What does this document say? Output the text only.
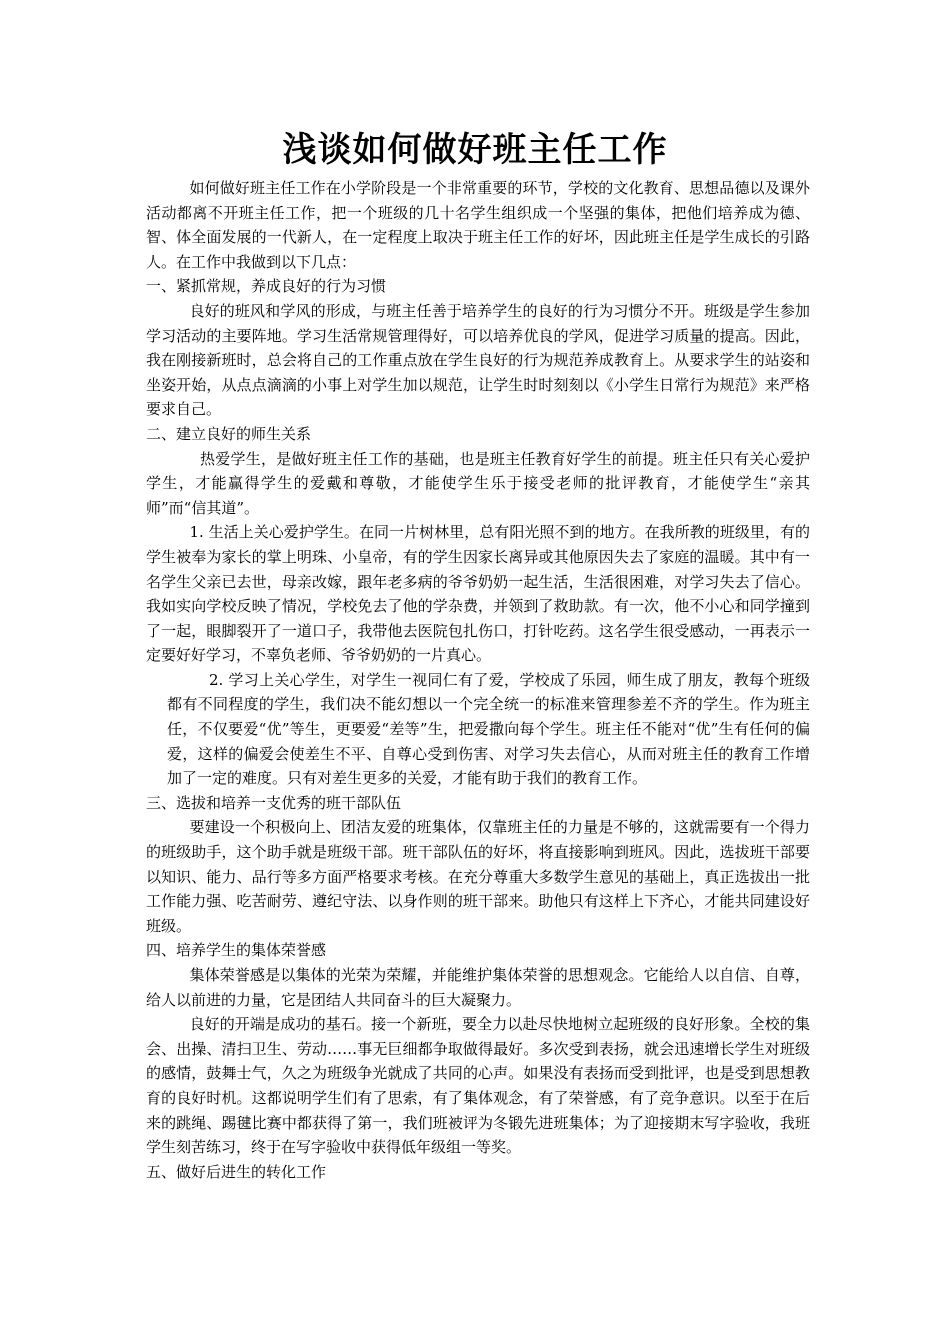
浅谈如何做好班主任工作

如何做好班主任工作在小学阶段是一个非常重要的环节，学校的文化教育、思想品德以及课外活动都离不开班主任工作，把一个班级的几十名学生组织成一个坚强的集体，把他们培养成为德、智、体全面发展的一代新人，在一定程度上取决于班主任工作的好坏，因此班主任是学生成长的引路人。在工作中我做到以下几点：

一、紧抓常规，养成良好的行为习惯

良好的班风和学风的形成，与班主任善于培养学生的良好的行为习惯分不开。班级是学生参加学习活动的主要阵地。学习生活常规管理得好，可以培养优良的学风，促进学习质量的提高。因此，我在刚接新班时，总会将自己的工作重点放在学生良好的行为规范养成教育上。从要求学生的站姿和坐姿开始，从点点滴滴的小事上对学生加以规范，让学生时时刻刻以《小学生日常行为规范》来严格要求自己。

二、建立良好的师生关系

热爱学生，是做好班主任工作的基础，也是班主任教育好学生的前提。班主任只有关心爱护学生，才能赢得学生的爱戴和尊敬，才能使学生乐于接受老师的批评教育，才能使学生“亲其师”而“信其道”。

1. 生活上关心爱护学生。在同一片树林里，总有阳光照不到的地方。在我所教的班级里，有的学生被奉为家长的掌上明珠、小皇帝，有的学生因家长离异或其他原因失去了家庭的温暖。其中有一名学生父亲已去世，母亲改嫁，跟年老多病的爷爷奶奶一起生活，生活很困难，对学习失去了信心。我如实向学校反映了情况，学校免去了他的学杂费，并领到了救助款。有一次，他不小心和同学撞到了一起，眼脚裂开了一道口子，我带他去医院包扎伤口，打针吃药。这名学生很受感动，一再表示一定要好好学习，不辜负老师、爷爷奶奶的一片真心。

2. 学习上关心学生，对学生一视同仁有了爱，学校成了乐园，师生成了朋友，教每个班级都有不同程度的学生，我们决不能幻想以一个完全统一的标准来管理参差不齐的学生。作为班主任，不仅要爱“优”等生，更要爱“差等”生，把爱撒向每个学生。班主任不能对“优”生有任何的偏爱，这样的偏爱会使差生不平、自尊心受到伤害、对学习失去信心，从而对班主任的教育工作增加了一定的难度。只有对差生更多的关爱，才能有助于我们的教育工作。

三、选拔和培养一支优秀的班干部队伍

要建设一个积极向上、团洁友爱的班集体，仅靠班主任的力量是不够的，这就需要有一个得力的班级助手，这个助手就是班级干部。班干部队伍的好坏，将直接影响到班风。因此，选拔班干部要以知识、能力、品行等多方面严格要求考核。在充分尊重大多数学生意见的基础上，真正选拔出一批工作能力强、吃苦耐劳、遵纪守法、以身作则的班干部来。助他只有这样上下齐心，才能共同建设好班级。

四、培养学生的集体荣誉感

集体荣誉感是以集体的光荣为荣耀，并能维护集体荣誉的思想观念。它能给人以自信、自尊，给人以前进的力量，它是团结人共同奋斗的巨大凝聚力。

良好的开端是成功的基石。接一个新班，要全力以赴尽快地树立起班级的良好形象。全校的集会、出操、清扫卫生、劳动……事无巨细都争取做得最好。多次受到表扬，就会迅速增长学生对班级的感情，鼓舞士气，久之为班级争光就成了共同的心声。如果没有表扬而受到批评，也是受到思想教育的良好时机。这都说明学生们有了思索，有了集体观念，有了荣誉感，有了竞争意识。以至于在后来的跳绳、踢毽比赛中都获得了第一，我们班被评为冬锻先进班集体；为了迎接期末写字验收，我班学生刻苦练习，终于在写字验收中获得低年级组一等奖。

五、做好后进生的转化工作
